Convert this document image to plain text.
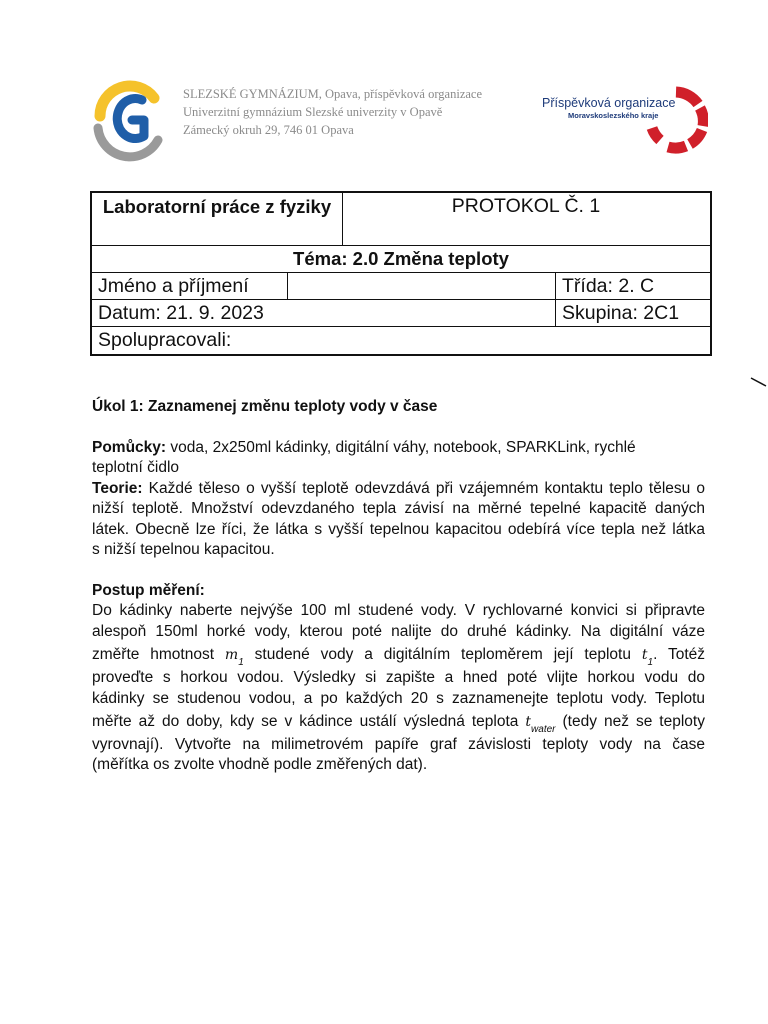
SLEZSKÉ GYMNÁZIUM, Opava, příspěvková organizace
Univerzitní gymnázium Slezské univerzity v Opavě
Zámecký okruh 29, 746 01 Opava
Příspěvková organizace
Moravskoslezského kraje
Laboratorní práce z fyziky	PROTOKOL Č. 1
Téma: 2.0 Změna teploty
Jméno a příjmení	Třída: 2. C
Datum: 21. 9. 2023	Skupina: 2C1
Spolupracovali:
Úkol 1: Zaznamenej změnu teploty vody v čase
Pomůcky: voda, 2x250ml kádinky, digitální váhy, notebook, SPARKLink, rychlé
teplotní čidlo
Teorie: Každé těleso o vyšší teplotě odevzdává při vzájemném kontaktu teplo tělesu o
nižší teplotě. Množství odevzdaného tepla závisí na měrné tepelné kapacitě daných
látek. Obecně lze říci, že látka s vyšší tepelnou kapacitou odebírá více tepla než látka
s nižší tepelnou kapacitou.
Postup měření:
Do kádinky naberte nejvýše 100 ml studené vody. V rychlovarné konvici si připravte
alespoň 150ml horké vody, kterou poté nalijte do druhé kádinky. Na digitální váze
změřte hmotnost $m_1$ studené vody a digitálním teploměrem její teplotu $t_1$. Totéž
proveďte s horkou vodou. Výsledky si zapište a hned poté vlijte horkou vodu do
kádinky se studenou vodou, a po každých 20 s zaznamenejte teplotu vody. Teplotu
měřte až do doby, kdy se v kádince ustálí výsledná teplota $t_{water}$ (tedy než se teploty
vyrovnají). Vytvořte na milimetrovém papíře graf závislosti teploty vody na čase
(měřítka os zvolte vhodně podle změřených dat).
